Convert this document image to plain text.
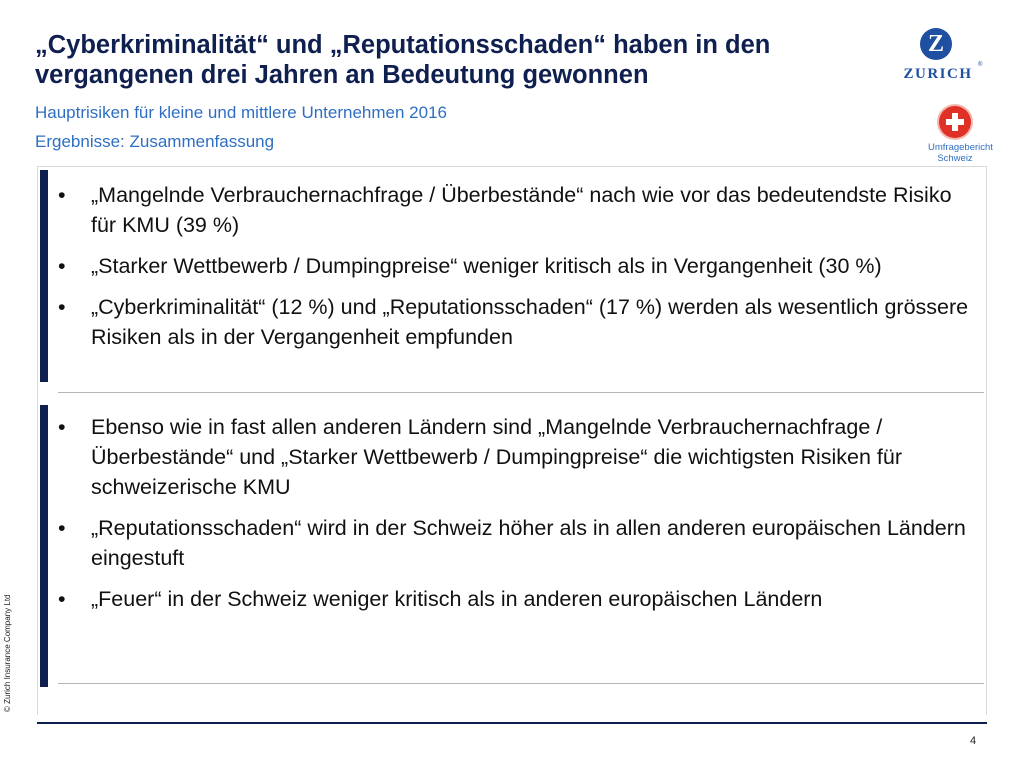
„Cyberkriminalität“ und „Reputationsschaden“ haben in den vergangenen drei Jahren an Bedeutung gewonnen
Hauptrisiken für kleine und mittlere Unternehmen 2016
Ergebnisse: Zusammenfassung
Z
ZURICH
®
Umfragebericht
Schweiz
• „Mangelnde Verbrauchernachfrage / Überbestände“ nach wie vor das bedeutendste Risiko für KMU (39 %)
• „Starker Wettbewerb / Dumpingpreise“ weniger kritisch als in Vergangenheit (30 %)
• „Cyberkriminalität“ (12 %) und „Reputationsschaden“ (17 %) werden als wesentlich grössere Risiken als in der Vergangenheit empfunden
• Ebenso wie in fast allen anderen Ländern sind „Mangelnde Verbrauchernachfrage / Überbestände“ und „Starker Wettbewerb / Dumpingpreise“ die wichtigsten Risiken für schweizerische KMU
• „Reputationsschaden“ wird in der Schweiz höher als in allen anderen europäischen Ländern eingestuft
• „Feuer“ in der Schweiz weniger kritisch als in anderen europäischen Ländern
© Zurich Insurance Company Ltd
4
